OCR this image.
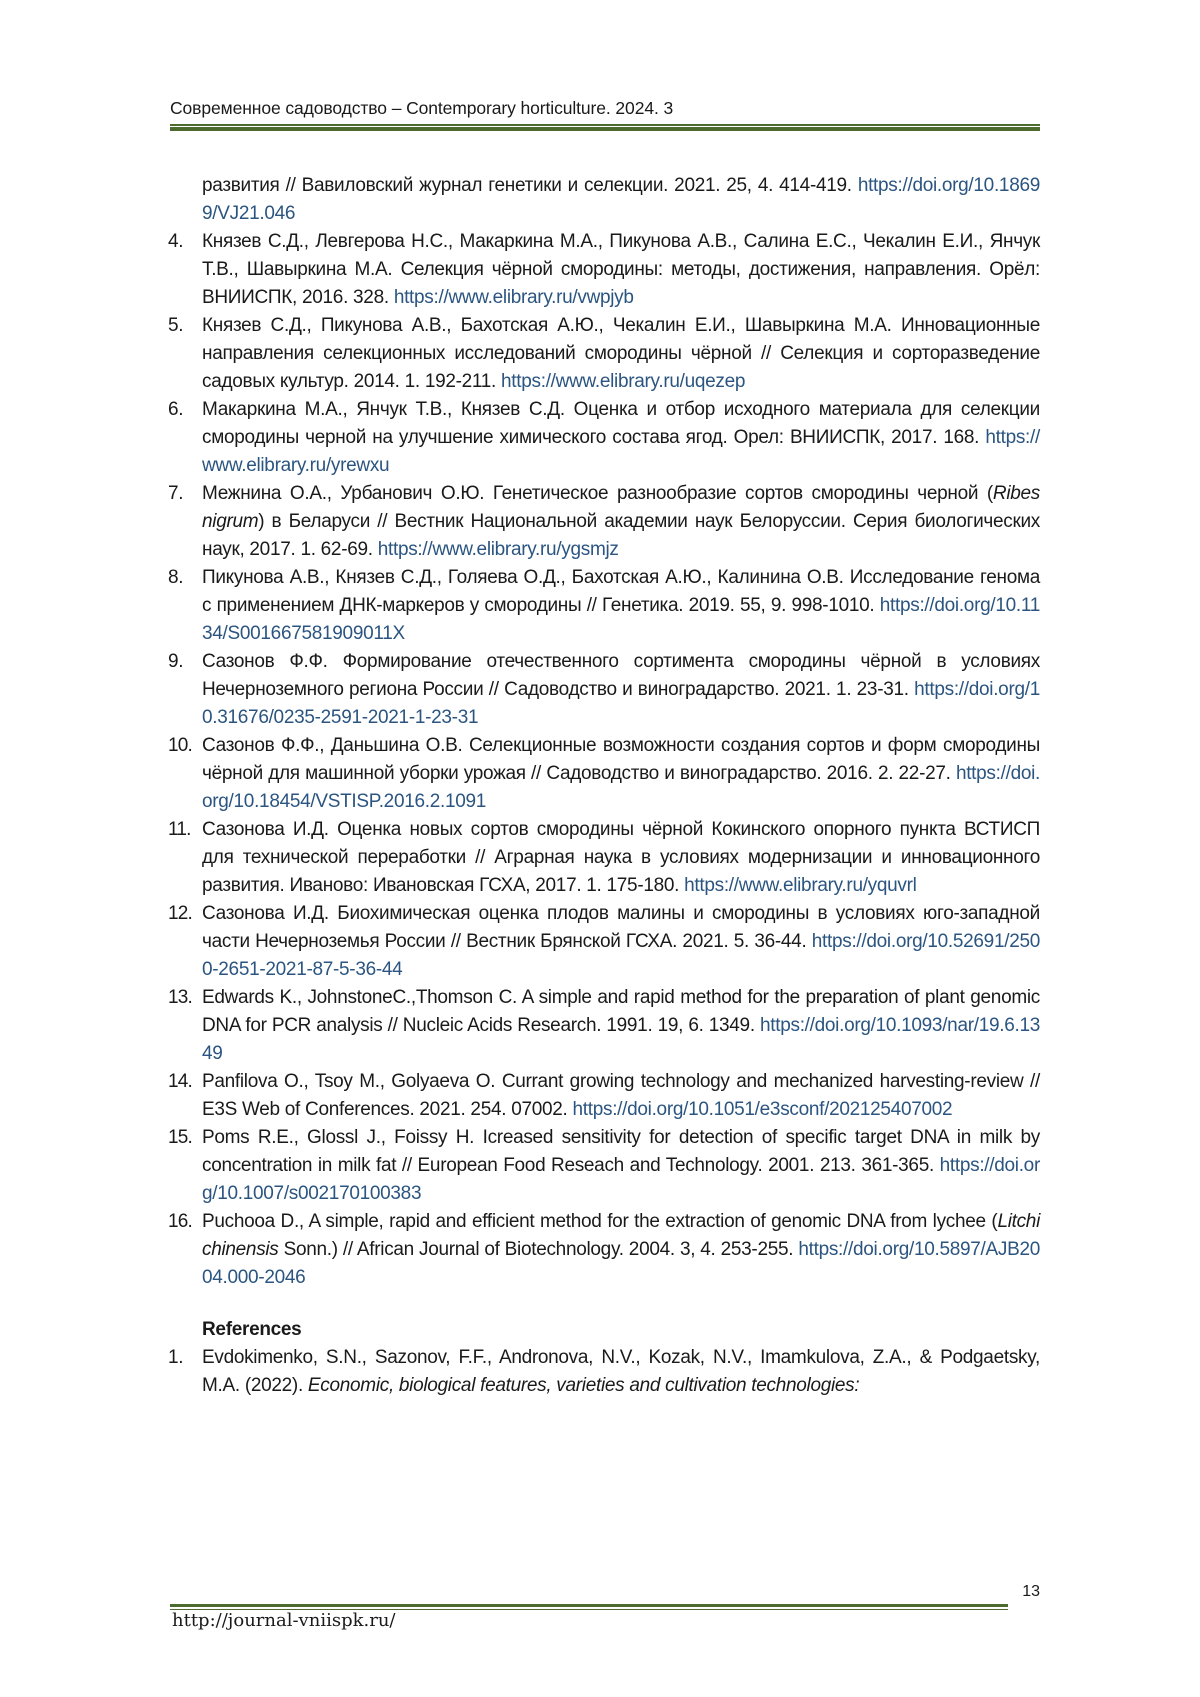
Современное садоводство – Contemporary horticulture. 2024. 3
развития // Вавиловский журнал генетики и селекции. 2021. 25, 4. 414-419. https://doi.org/10.18699/VJ21.046
4. Князев С.Д., Левгерова Н.С., Макаркина М.А., Пикунова А.В., Салина Е.С., Чекалин Е.И., Янчук Т.В., Шавыркина М.А. Селекция чёрной смородины: методы, достижения, направления. Орёл: ВНИИСПК, 2016. 328. https://www.elibrary.ru/vwpjyb
5. Князев С.Д., Пикунова А.В., Бахотская А.Ю., Чекалин Е.И., Шавыркина М.А. Инновационные направления селекционных исследований смородины чёрной // Селекция и сорторазведение садовых культур. 2014. 1. 192-211. https://www.elibrary.ru/uqezep
6. Макаркина М.А., Янчук Т.В., Князев С.Д. Оценка и отбор исходного материала для селекции смородины черной на улучшение химического состава ягод. Орел: ВНИИСПК, 2017. 168. https://www.elibrary.ru/yrewxu
7. Межнина О.А., Урбанович О.Ю. Генетическое разнообразие сортов смородины черной (Ribes nigrum) в Беларуси // Вестник Национальной академии наук Белоруссии. Серия биологических наук, 2017. 1. 62-69. https://www.elibrary.ru/ygsmjz
8. Пикунова А.В., Князев С.Д., Голяева О.Д., Бахотская А.Ю., Калинина О.В. Исследование генома с применением ДНК-маркеров у смородины // Генетика. 2019. 55, 9. 998-1010. https://doi.org/10.1134/S001667581909011X
9. Сазонов Ф.Ф. Формирование отечественного сортимента смородины чёрной в условиях Нечерноземного региона России // Садоводство и виноградарство. 2021. 1. 23-31. https://doi.org/10.31676/0235-2591-2021-1-23-31
10. Сазонов Ф.Ф., Даньшина О.В. Селекционные возможности создания сортов и форм смородины чёрной для машинной уборки урожая // Садоводство и виноградарство. 2016. 2. 22-27. https://doi.org/10.18454/VSTISP.2016.2.1091
11. Сазонова И.Д. Оценка новых сортов смородины чёрной Кокинского опорного пункта ВСТИСП для технической переработки // Аграрная наука в условиях модернизации и инновационного развития. Иваново: Ивановская ГСХА, 2017. 1. 175-180. https://www.elibrary.ru/yquvrl
12. Сазонова И.Д. Биохимическая оценка плодов малины и смородины в условиях юго-западной части Нечерноземья России // Вестник Брянской ГСХА. 2021. 5. 36-44. https://doi.org/10.52691/2500-2651-2021-87-5-36-44
13. Edwards K., JohnstoneC.,Thomson C. A simple and rapid method for the preparation of plant genomic DNA for PCR analysis // Nucleic Acids Research. 1991. 19, 6. 1349. https://doi.org/10.1093/nar/19.6.1349
14. Panfilova O., Tsoy M., Golyaeva O. Currant growing technology and mechanized harvesting-review // E3S Web of Conferences. 2021. 254. 07002. https://doi.org/10.1051/e3sconf/202125407002
15. Poms R.E., Glossl J., Foissy H. Icreased sensitivity for detection of specific target DNA in milk by concentration in milk fat // European Food Reseach and Technology. 2001. 213. 361-365. https://doi.org/10.1007/s002170100383
16. Puchooa D., A simple, rapid and efficient method for the extraction of genomic DNA from lychee (Litchi chinensis Sonn.) // African Journal of Biotechnology. 2004. 3, 4. 253-255. https://doi.org/10.5897/AJB2004.000-2046
References
1. Evdokimenko, S.N., Sazonov, F.F., Andronova, N.V., Kozak, N.V., Imamkulova, Z.A., & Podgaetsky, M.A. (2022). Economic, biological features, varieties and cultivation technologies:
13
http://journal-vniispk.ru/
